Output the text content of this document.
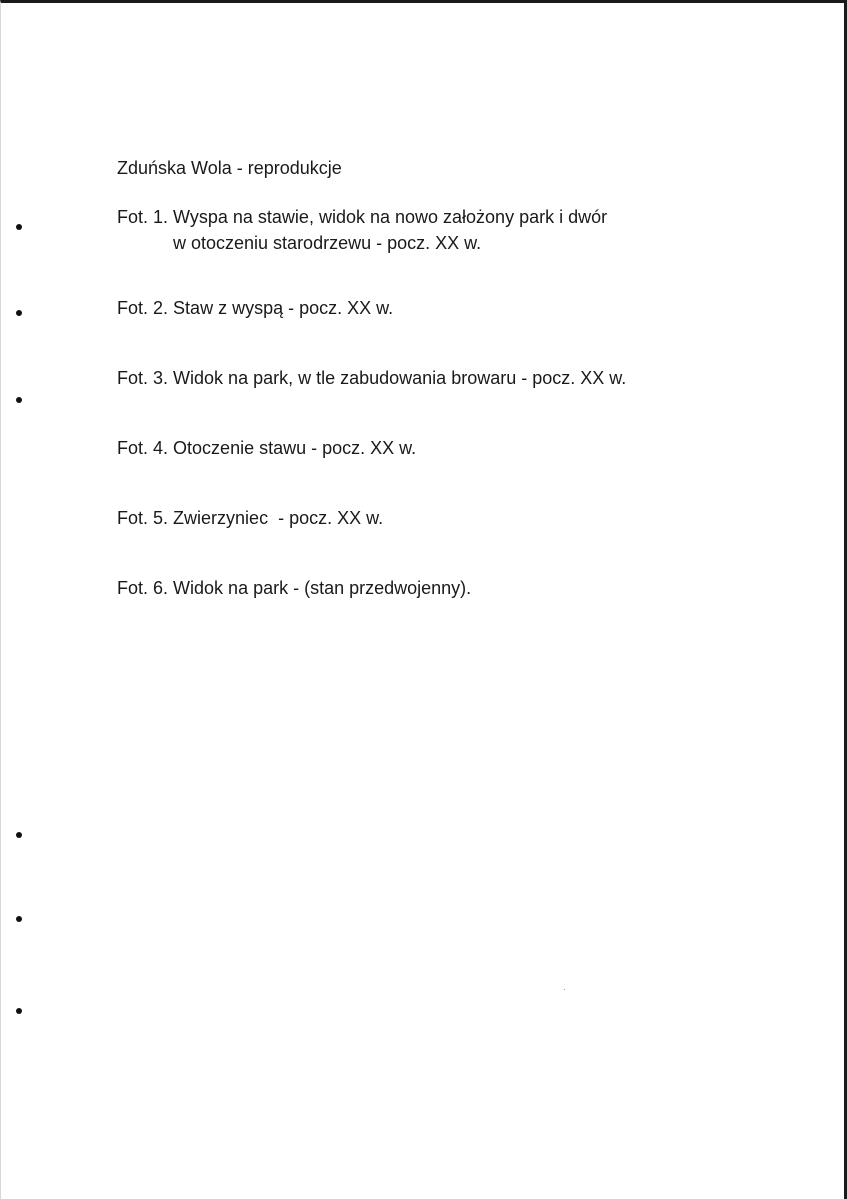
Zduńska Wola - reprodukcje
Fot. 1. Wyspa na stawie, widok na nowo założony park i dwór
w otoczeniu starodrzewu - pocz. XX w.
Fot. 2. Staw z wyspą - pocz. XX w.
Fot. 3. Widok na park, w tle zabudowania browaru - pocz. XX w.
Fot. 4. Otoczenie stawu - pocz. XX w.
Fot. 5. Zwierzyniec  - pocz. XX w.
Fot. 6. Widok na park - (stan przedwojenny).
